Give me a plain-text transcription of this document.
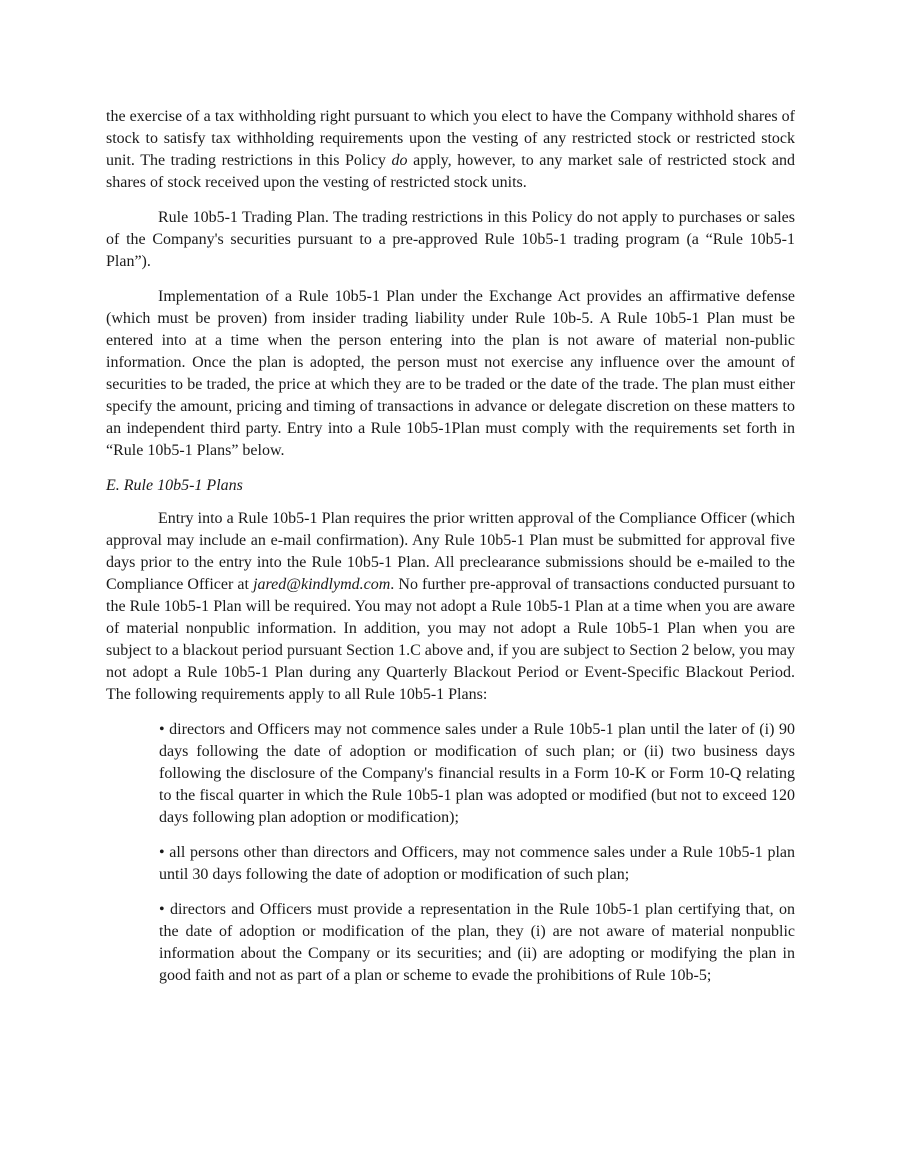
the exercise of a tax withholding right pursuant to which you elect to have the Company withhold shares of stock to satisfy tax withholding requirements upon the vesting of any restricted stock or restricted stock unit. The trading restrictions in this Policy do apply, however, to any market sale of restricted stock and shares of stock received upon the vesting of restricted stock units.

Rule 10b5-1 Trading Plan. The trading restrictions in this Policy do not apply to purchases or sales of the Company's securities pursuant to a pre-approved Rule 10b5-1 trading program (a “Rule 10b5-1 Plan”).

Implementation of a Rule 10b5-1 Plan under the Exchange Act provides an affirmative defense (which must be proven) from insider trading liability under Rule 10b-5. A Rule 10b5-1 Plan must be entered into at a time when the person entering into the plan is not aware of material non-public information. Once the plan is adopted, the person must not exercise any influence over the amount of securities to be traded, the price at which they are to be traded or the date of the trade. The plan must either specify the amount, pricing and timing of transactions in advance or delegate discretion on these matters to an independent third party. Entry into a Rule 10b5-1Plan must comply with the requirements set forth in “Rule 10b5-1 Plans” below.

E. Rule 10b5-1 Plans

Entry into a Rule 10b5-1 Plan requires the prior written approval of the Compliance Officer (which approval may include an e-mail confirmation). Any Rule 10b5-1 Plan must be submitted for approval five days prior to the entry into the Rule 10b5-1 Plan. All preclearance submissions should be e-mailed to the Compliance Officer at jared@kindlymd.com. No further pre-approval of transactions conducted pursuant to the Rule 10b5-1 Plan will be required. You may not adopt a Rule 10b5-1 Plan at a time when you are aware of material nonpublic information. In addition, you may not adopt a Rule 10b5-1 Plan when you are subject to a blackout period pursuant Section 1.C above and, if you are subject to Section 2 below, you may not adopt a Rule 10b5-1 Plan during any Quarterly Blackout Period or Event-Specific Blackout Period. The following requirements apply to all Rule 10b5-1 Plans:

• directors and Officers may not commence sales under a Rule 10b5-1 plan until the later of (i) 90 days following the date of adoption or modification of such plan; or (ii) two business days following the disclosure of the Company's financial results in a Form 10-K or Form 10-Q relating to the fiscal quarter in which the Rule 10b5-1 plan was adopted or modified (but not to exceed 120 days following plan adoption or modification);

• all persons other than directors and Officers, may not commence sales under a Rule 10b5-1 plan until 30 days following the date of adoption or modification of such plan;

• directors and Officers must provide a representation in the Rule 10b5-1 plan certifying that, on the date of adoption or modification of the plan, they (i) are not aware of material nonpublic information about the Company or its securities; and (ii) are adopting or modifying the plan in good faith and not as part of a plan or scheme to evade the prohibitions of Rule 10b-5;
